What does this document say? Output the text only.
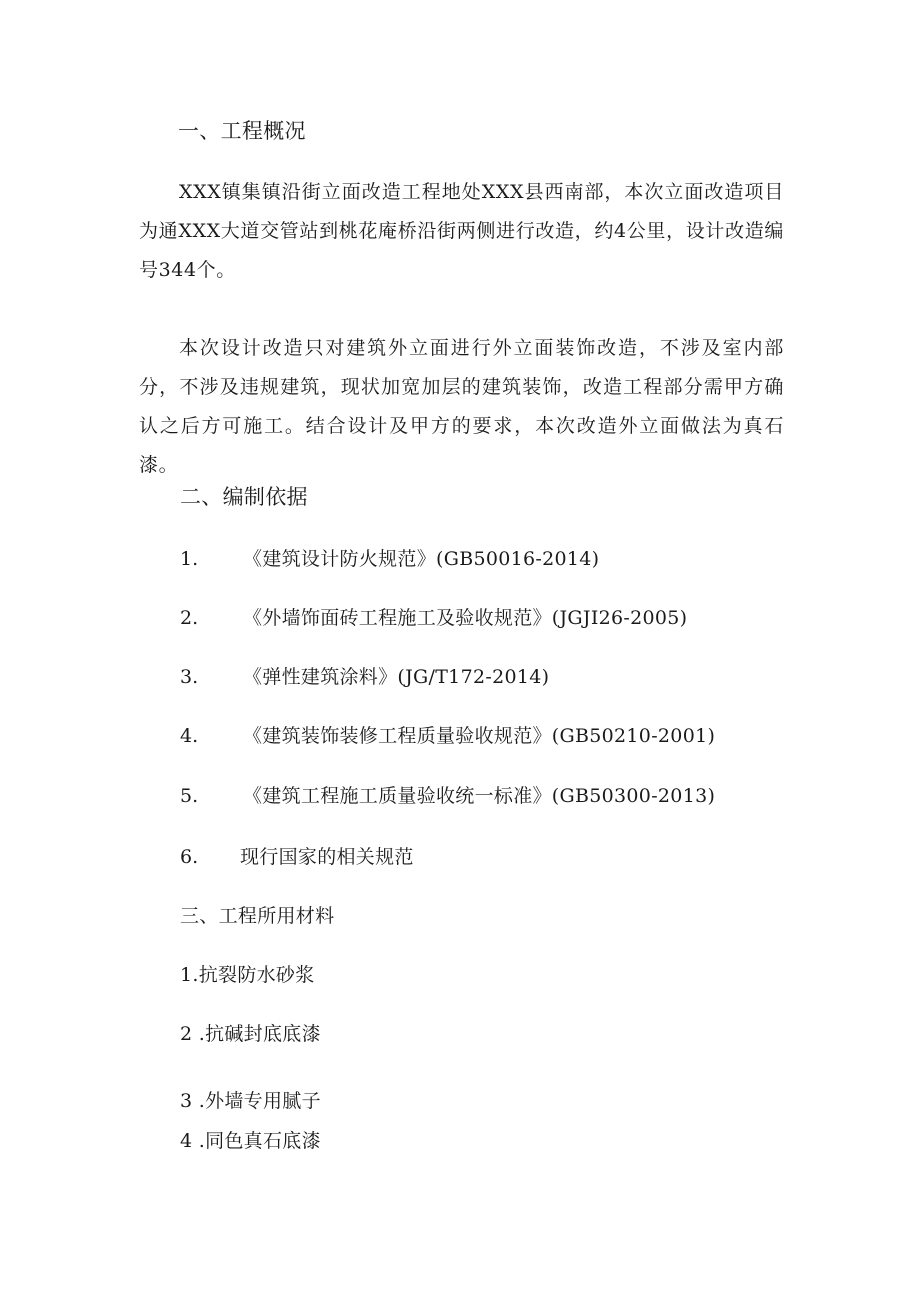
一、工程概况
XXX镇集镇沿街立面改造工程地处XXX县西南部，本次立面改造项目为通XXX大道交管站到桃花庵桥沿街两侧进行改造，约4公里，设计改造编号344个。
本次设计改造只对建筑外立面进行外立面装饰改造，不涉及室内部分，不涉及违规建筑，现状加宽加层的建筑装饰，改造工程部分需甲方确认之后方可施工。结合设计及甲方的要求，本次改造外立面做法为真石漆。
二、编制依据
1. 《建筑设计防火规范》(GB50016-2014)
2. 《外墙饰面砖工程施工及验收规范》(JGJI26-2005)
3. 《弹性建筑涂料》(JG/T172-2014)
4. 《建筑装饰装修工程质量验收规范》(GB50210-2001)
5. 《建筑工程施工质量验收统一标准》(GB50300-2013)
6. 现行国家的相关规范
三、工程所用材料
1.抗裂防水砂浆
2 .抗碱封底底漆
3 .外墙专用腻子
4 .同色真石底漆
